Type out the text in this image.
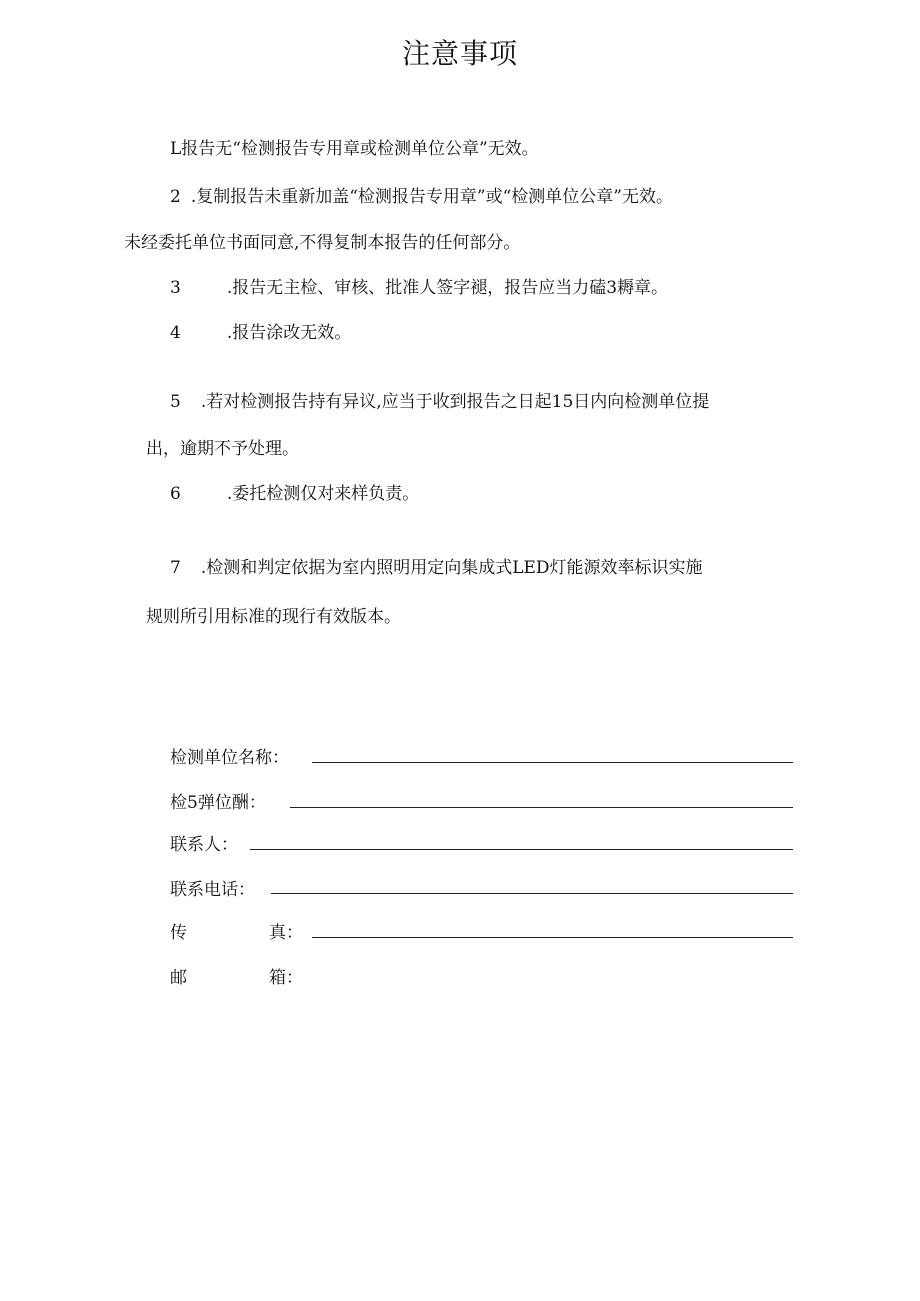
注意事项
L报告无“检测报告专用章或检测单位公章”无效。
2 .复制报告未重新加盖“检测报告专用章”或“检测单位公章”无效。
未经委托单位书面同意,不得复制本报告的任何部分。
3	.报告无主检、审核、批准人签字褪，报告应当力磕3耨章。
4	.报告涂改无效。
5 .若对检测报告持有异议,应当于收到报告之日起15日内向检测单位提
出，逾期不予处理。
6	.委托检测仅对来样负责。
7 .检测和判定依据为室内照明用定向集成式LED灯能源效率标识实施
规则所引用标准的现行有效版本。
检测单位名称：
检5弹位酬：
联系人：
联系电话：
传	真：
邮	箱：
